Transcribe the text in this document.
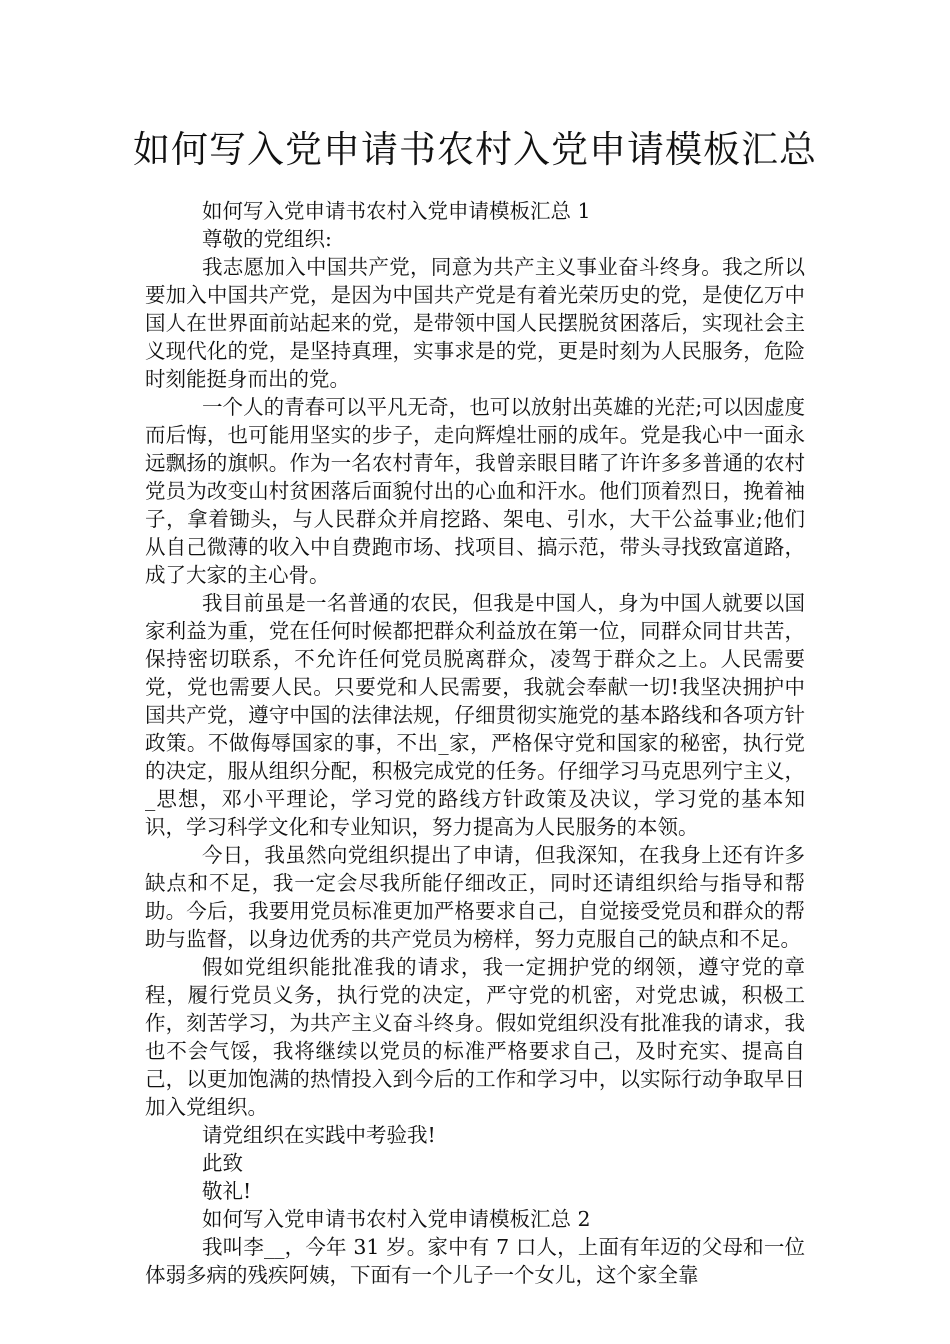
如何写入党申请书农村入党申请模板汇总

如何写入党申请书农村入党申请模板汇总 1

尊敬的党组织:

我志愿加入中国共产党，同意为共产主义事业奋斗终身。我之所以要加入中国共产党，是因为中国共产党是有着光荣历史的党，是使亿万中国人在世界面前站起来的党，是带领中国人民摆脱贫困落后，实现社会主义现代化的党，是坚持真理，实事求是的党，更是时刻为人民服务，危险时刻能挺身而出的党。

一个人的青春可以平凡无奇，也可以放射出英雄的光茫;可以因虚度而后悔，也可能用坚实的步子，走向辉煌壮丽的成年。党是我心中一面永远飘扬的旗帜。作为一名农村青年，我曾亲眼目睹了许许多多普通的农村党员为改变山村贫困落后面貌付出的心血和汗水。他们顶着烈日，挽着袖子，拿着锄头，与人民群众并肩挖路、架电、引水，大干公益事业;他们从自己微薄的收入中自费跑市场、找项目、搞示范，带头寻找致富道路，成了大家的主心骨。

我目前虽是一名普通的农民，但我是中国人，身为中国人就要以国家利益为重，党在任何时候都把群众利益放在第一位，同群众同甘共苦，保持密切联系，不允许任何党员脱离群众，凌驾于群众之上。人民需要党，党也需要人民。只要党和人民需要，我就会奉献一切!我坚决拥护中国共产党，遵守中国的法律法规，仔细贯彻实施党的基本路线和各项方针政策。不做侮辱国家的事，不出_家，严格保守党和国家的秘密，执行党的决定，服从组织分配，积极完成党的任务。仔细学习马克思列宁主义，_思想，邓小平理论，学习党的路线方针政策及决议，学习党的基本知识，学习科学文化和专业知识，努力提高为人民服务的本领。

今日，我虽然向党组织提出了申请，但我深知，在我身上还有许多缺点和不足，我一定会尽我所能仔细改正，同时还请组织给与指导和帮助。今后，我要用党员标准更加严格要求自己，自觉接受党员和群众的帮助与监督，以身边优秀的共产党员为榜样，努力克服自己的缺点和不足。

假如党组织能批准我的请求，我一定拥护党的纲领，遵守党的章程，履行党员义务，执行党的决定，严守党的机密，对党忠诚，积极工作，刻苦学习，为共产主义奋斗终身。假如党组织没有批准我的请求，我也不会气馁，我将继续以党员的标准严格要求自己，及时充实、提高自己，以更加饱满的热情投入到今后的工作和学习中，以实际行动争取早日加入党组织。

请党组织在实践中考验我!

此致

敬礼!

如何写入党申请书农村入党申请模板汇总 2

我叫李__，今年 31 岁。家中有 7 口人，上面有年迈的父母和一位体弱多病的残疾阿姨，下面有一个儿子一个女儿，这个家全靠
